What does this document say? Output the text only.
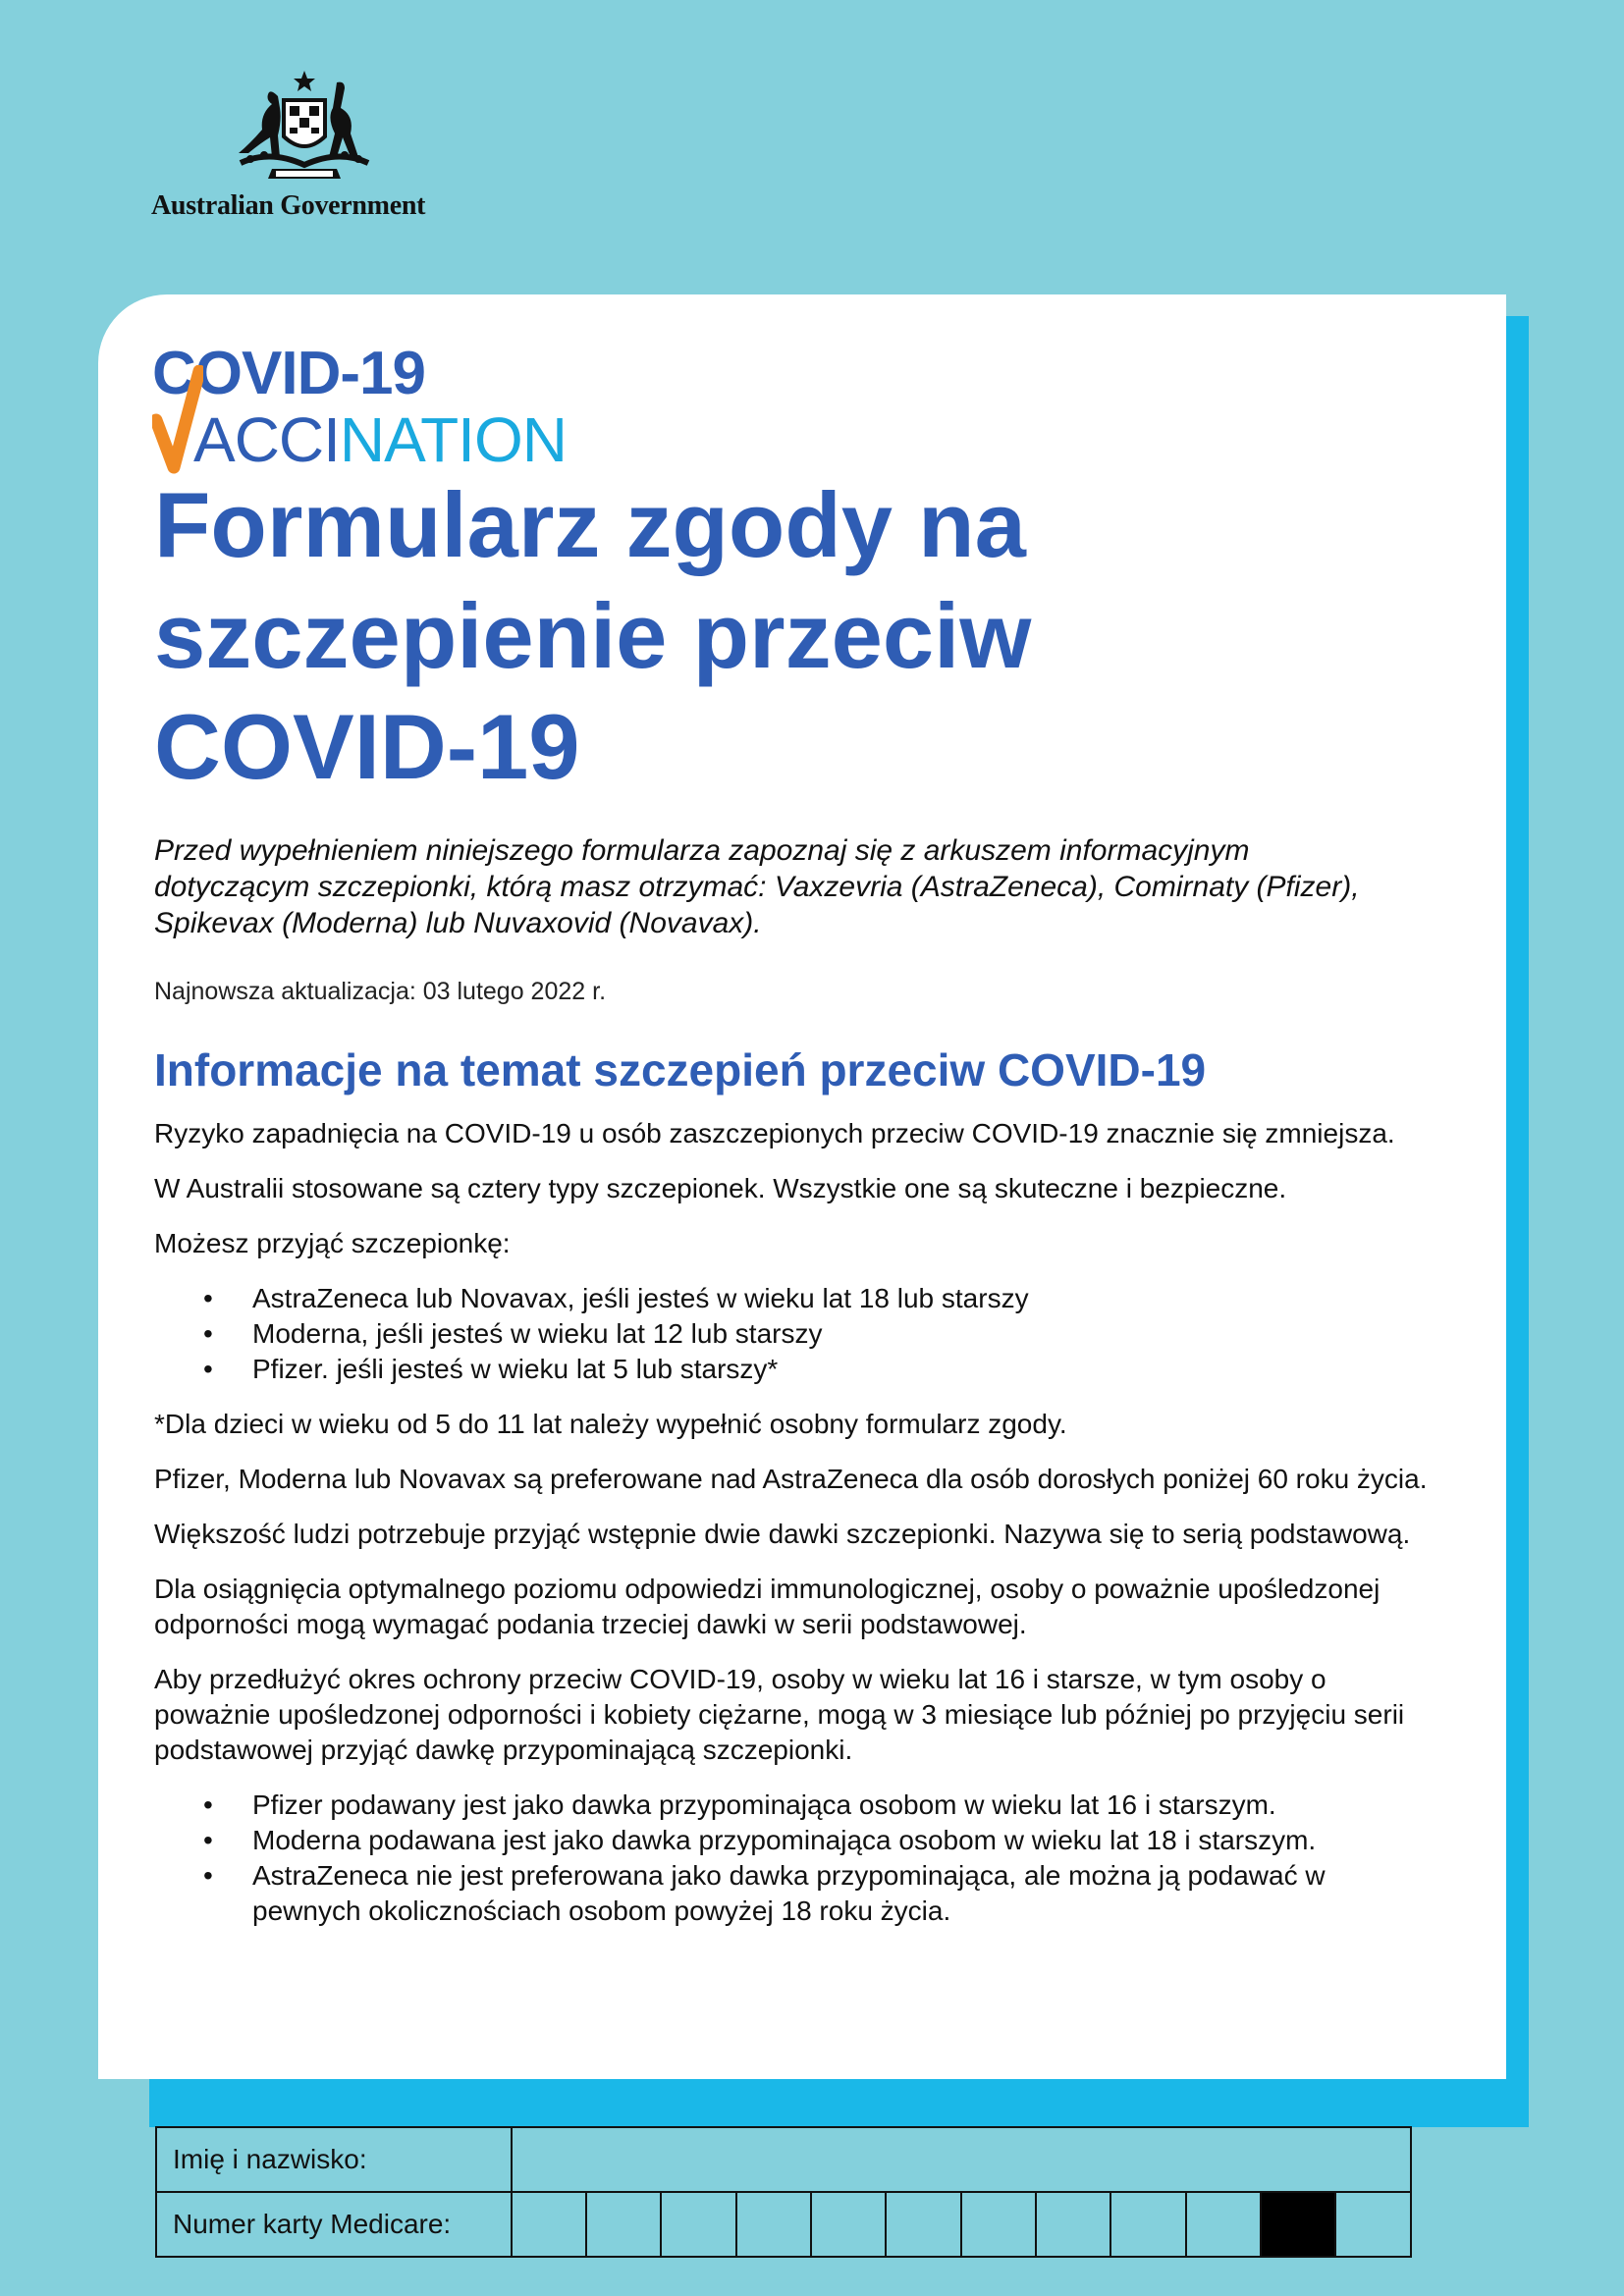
Australian Government
COVID-19
ACCINATION
Formularz zgody na szczepienie przeciw COVID-19

Przed wypełnieniem niniejszego formularza zapoznaj się z arkuszem informacyjnym dotyczącym szczepionki, którą masz otrzymać: Vaxzevria (AstraZeneca), Comirnaty (Pfizer), Spikevax (Moderna) lub Nuvaxovid (Novavax).

Najnowsza aktualizacja: 03 lutego 2022 r.

Informacje na temat szczepień przeciw COVID-19

Ryzyko zapadnięcia na COVID-19 u osób zaszczepionych przeciw COVID-19 znacznie się zmniejsza.

W Australii stosowane są cztery typy szczepionek. Wszystkie one są skuteczne i bezpieczne.

Możesz przyjąć szczepionkę:

• AstraZeneca lub Novavax, jeśli jesteś w wieku lat 18 lub starszy
• Moderna, jeśli jesteś w wieku lat 12 lub starszy
• Pfizer. jeśli jesteś w wieku lat 5 lub starszy*

*Dla dzieci w wieku od 5 do 11 lat należy wypełnić osobny formularz zgody.

Pfizer, Moderna lub Novavax są preferowane nad AstraZeneca dla osób dorosłych poniżej 60 roku życia.

Większość ludzi potrzebuje przyjąć wstępnie dwie dawki szczepionki. Nazywa się to serią podstawową.

Dla osiągnięcia optymalnego poziomu odpowiedzi immunologicznej, osoby o poważnie upośledzonej odporności mogą wymagać podania trzeciej dawki w serii podstawowej.

Aby przedłużyć okres ochrony przeciw COVID-19, osoby w wieku lat 16 i starsze, w tym osoby o poważnie upośledzonej odporności i kobiety ciężarne, mogą w 3 miesiące lub później po przyjęciu serii podstawowej przyjąć dawkę przypominającą szczepionki.

• Pfizer podawany jest jako dawka przypominająca osobom w wieku lat 16 i starszym.
• Moderna podawana jest jako dawka przypominająca osobom w wieku lat 18 i starszym.
• AstraZeneca nie jest preferowana jako dawka przypominająca, ale można ją podawać w pewnych okolicznościach osobom powyżej 18 roku życia.
Imię i nazwisko:												
Numer karty Medicare:												
